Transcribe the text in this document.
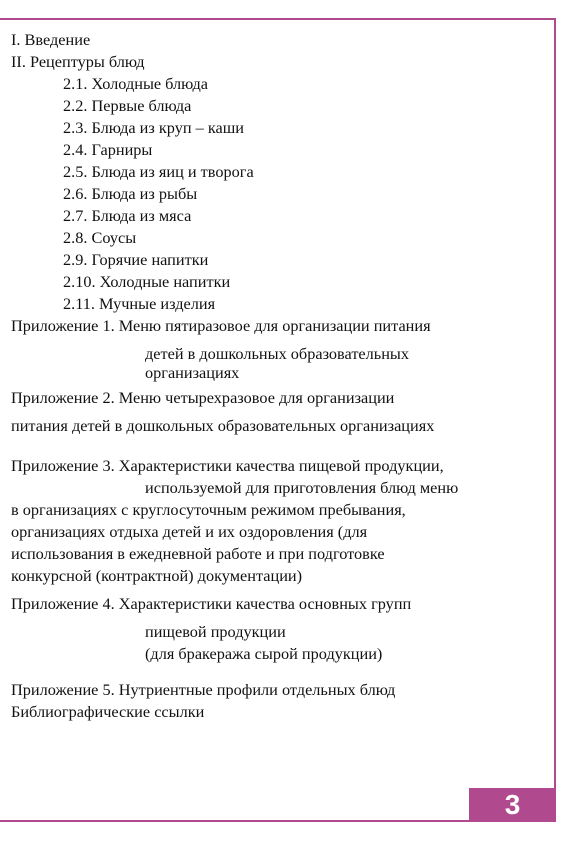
I. Введение
II. Рецептуры блюд
2.1. Холодные блюда
2.2. Первые блюда
2.3. Блюда из круп – каши
2.4. Гарниры
2.5. Блюда из яиц и творога
2.6. Блюда из рыбы
2.7. Блюда из мяса
2.8. Соусы
2.9. Горячие напитки
2.10. Холодные напитки
2.11. Мучные изделия
Приложение 1. Меню пятиразовое для организации питания
детей в дошкольных образовательных
организациях
Приложение 2. Меню четырехразовое для организации
питания детей в дошкольных образовательных организациях
Приложение 3. Характеристики качества пищевой продукции,
используемой для приготовления блюд меню
в организациях с круглосуточным режимом пребывания,
организациях отдыха детей и их оздоровления (для
использования в ежедневной работе и при подготовке
конкурсной (контрактной) документации)
Приложение 4. Характеристики качества основных групп
пищевой продукции
(для бракеража сырой продукции)
Приложение 5. Нутриентные профили отдельных блюд
Библиографические ссылки
3
